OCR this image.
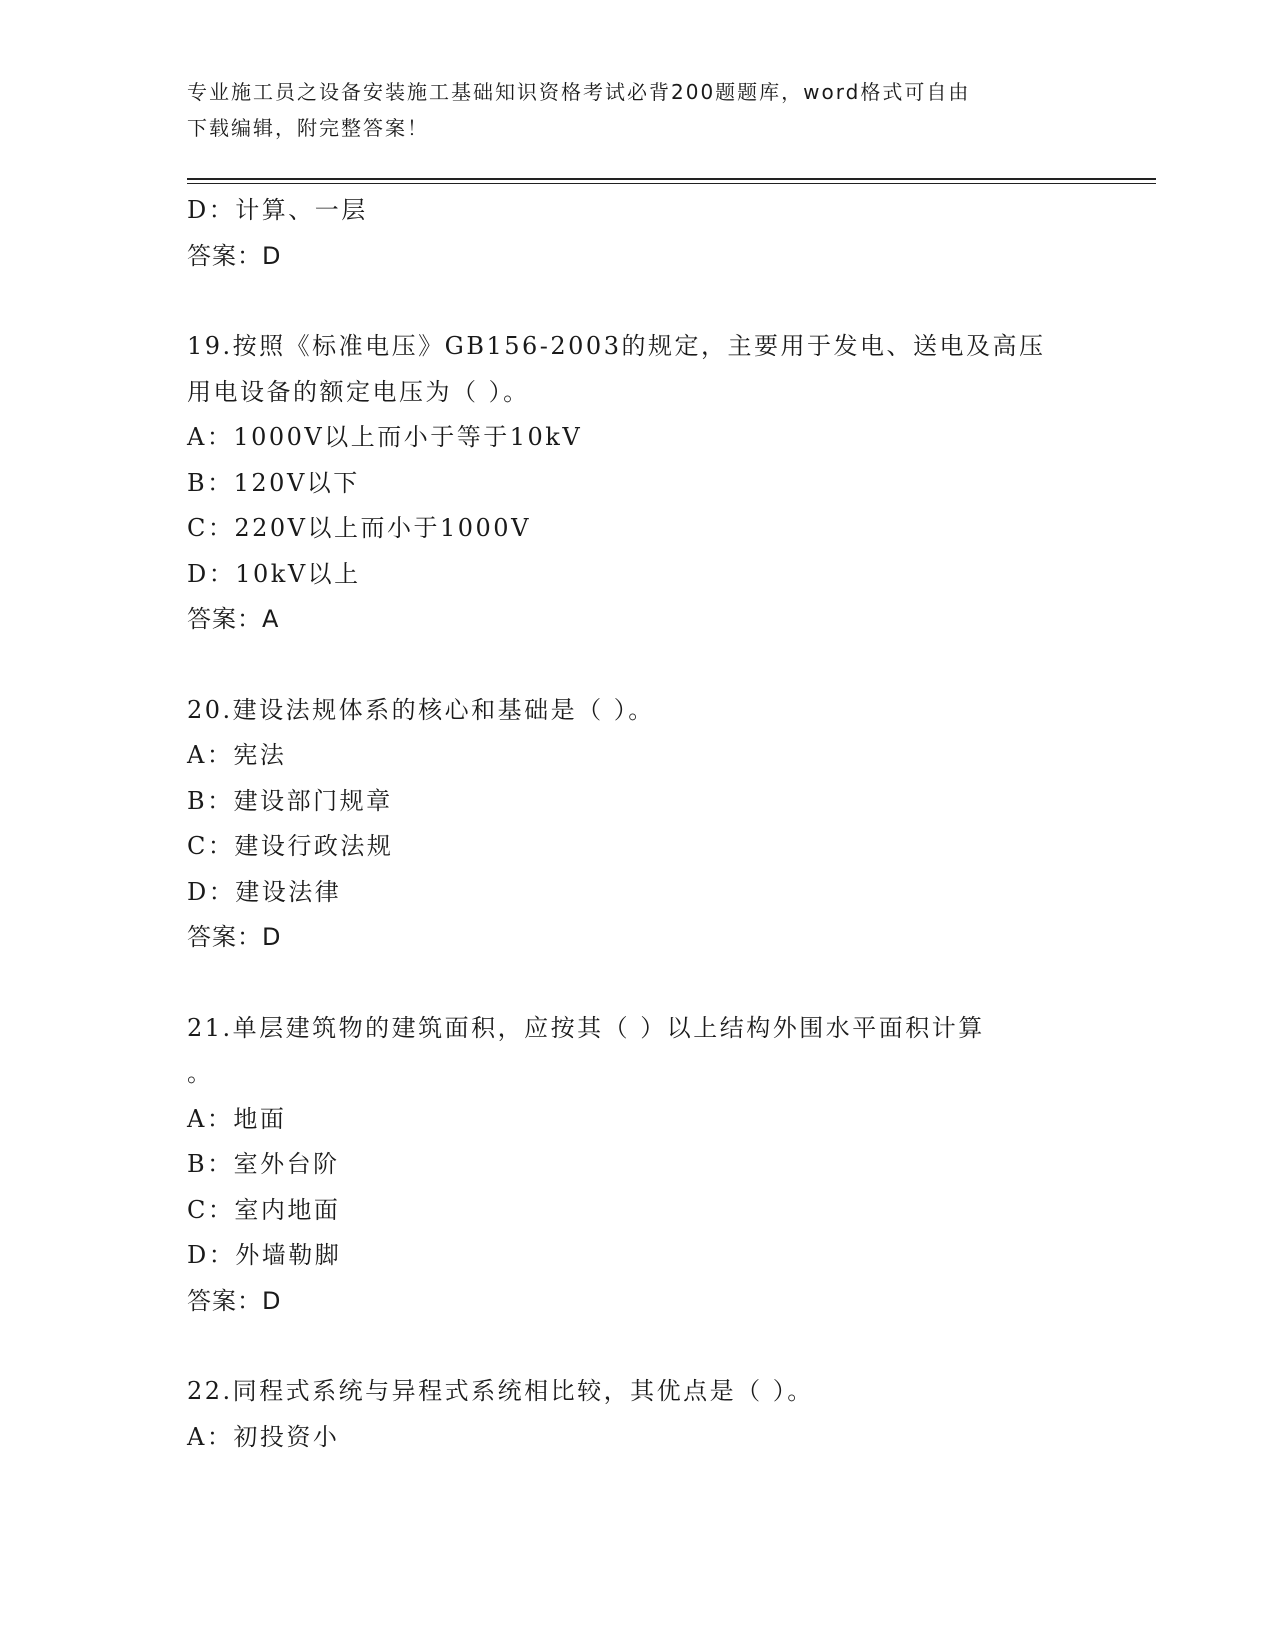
专业施工员之设备安装施工基础知识资格考试必背200题题库，word格式可自由
下载编辑，附完整答案！
D：计算、一层
答案：D
19.按照《标准电压》GB156-2003的规定，主要用于发电、送电及高压
用电设备的额定电压为（ ）。
A：1000V以上而小于等于10kV
B：120V以下
C：220V以上而小于1000V
D：10kV以上
答案：A
20.建设法规体系的核心和基础是（ ）。
A：宪法
B：建设部门规章
C：建设行政法规
D：建设法律
答案：D
21.单层建筑物的建筑面积，应按其（ ）以上结构外围水平面积计算
。
A：地面
B：室外台阶
C：室内地面
D：外墙勒脚
答案：D
22.同程式系统与异程式系统相比较，其优点是（ ）。
A：初投资小
